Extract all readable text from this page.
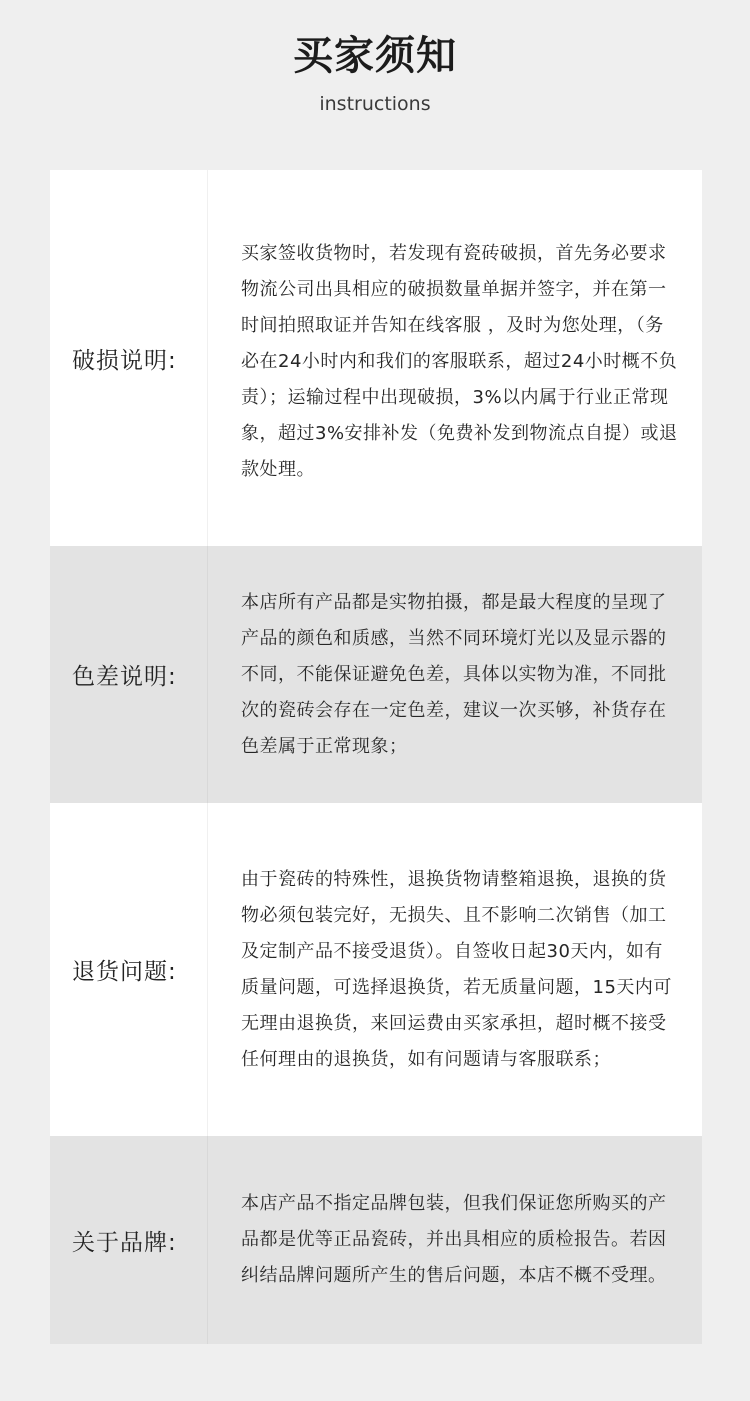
买家须知
instructions
破损说明:
买家签收货物时，若发现有瓷砖破损，首先务必要求物流公司出具相应的破损数量单据并签字，并在第一时间拍照取证并告知在线客服 ，及时为您处理，（务必在24小时内和我们的客服联系，超过24小时概不负责）；运输过程中出现破损，3%以内属于行业正常现象，超过3%安排补发（免费补发到物流点自提）或退款处理。
色差说明:
本店所有产品都是实物拍摄，都是最大程度的呈现了产品的颜色和质感，当然不同环境灯光以及显示器的不同，不能保证避免色差，具体以实物为准，不同批次的瓷砖会存在一定色差，建议一次买够，补货存在色差属于正常现象；
退货问题:
由于瓷砖的特殊性，退换货物请整箱退换，退换的货物必须包装完好，无损失、且不影响二次销售（加工及定制产品不接受退货）。自签收日起30天内，如有质量问题，可选择退换货，若无质量问题，15天内可无理由退换货，来回运费由买家承担，超时概不接受任何理由的退换货，如有问题请与客服联系；
关于品牌:
本店产品不指定品牌包装，但我们保证您所购买的产品都是优等正品瓷砖，并出具相应的质检报告。若因纠结品牌问题所产生的售后问题，本店不概不受理。
